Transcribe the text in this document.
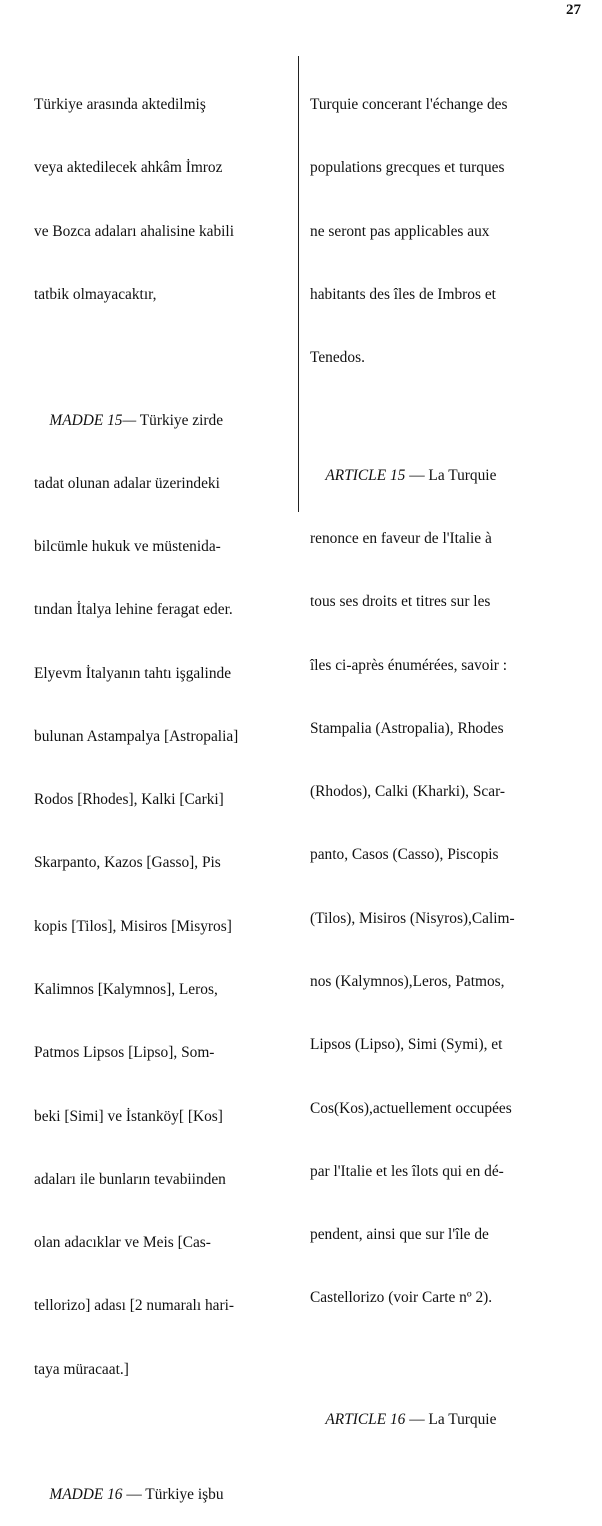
27

Türkiye arasında aktedilmiş

veya aktedilecek ahkâm İmroz

ve Bozca adaları ahalisine kabili

tatbik olmayacaktır,

MADDE 15— Türkiye zirde

tadat olunan adalar üzerindeki

bilcümle hukuk ve müstenida-

tından İtalya lehine feragat eder.

Elyevm İtalyanın tahtı işgalinde

bulunan Astampalya [Astropalia]

Rodos [Rhodes], Kalki [Carki]

Skarpanto, Kazos [Gasso], Pis

kopis [Tilos], Misiros [Misyros]

Kalimnos [Kalymnos], Leros,

Patmos Lipsos [Lipso], Som-

beki [Simi] ve İstanköy[ [Kos]

adaları ile bunların tevabiinden

olan adacıklar ve Meis [Cas-

tellorizo] adası [2 numaralı hari-

taya müracaat.]

MADDE 16 — Türkiye işbu

Turquie concerant l'échange des

populations grecques et turques

ne seront pas applicables aux

habitants des îles de Imbros et

Tenedos.

ARTICLE 15 — La Turquie

renonce en faveur de l'Italie à

tous ses droits et titres sur les

îles ci-après énumérées, savoir :

Stampalia (Astropalia), Rhodes

(Rhodos), Calki (Kharki), Scar-

panto, Casos (Casso), Piscopis

(Tilos), Misiros (Nisyros),Calim-

nos (Kalymnos),Leros, Patmos,

Lipsos (Lipso), Simi (Symi), et

Cos(Kos),actuellement occupées

par l'Italie et les îlots qui en dé-

pendent, ainsi que sur l'île de

Castellorizo (voir Carte nº 2).

ARTICLE 16 — La Turquie
